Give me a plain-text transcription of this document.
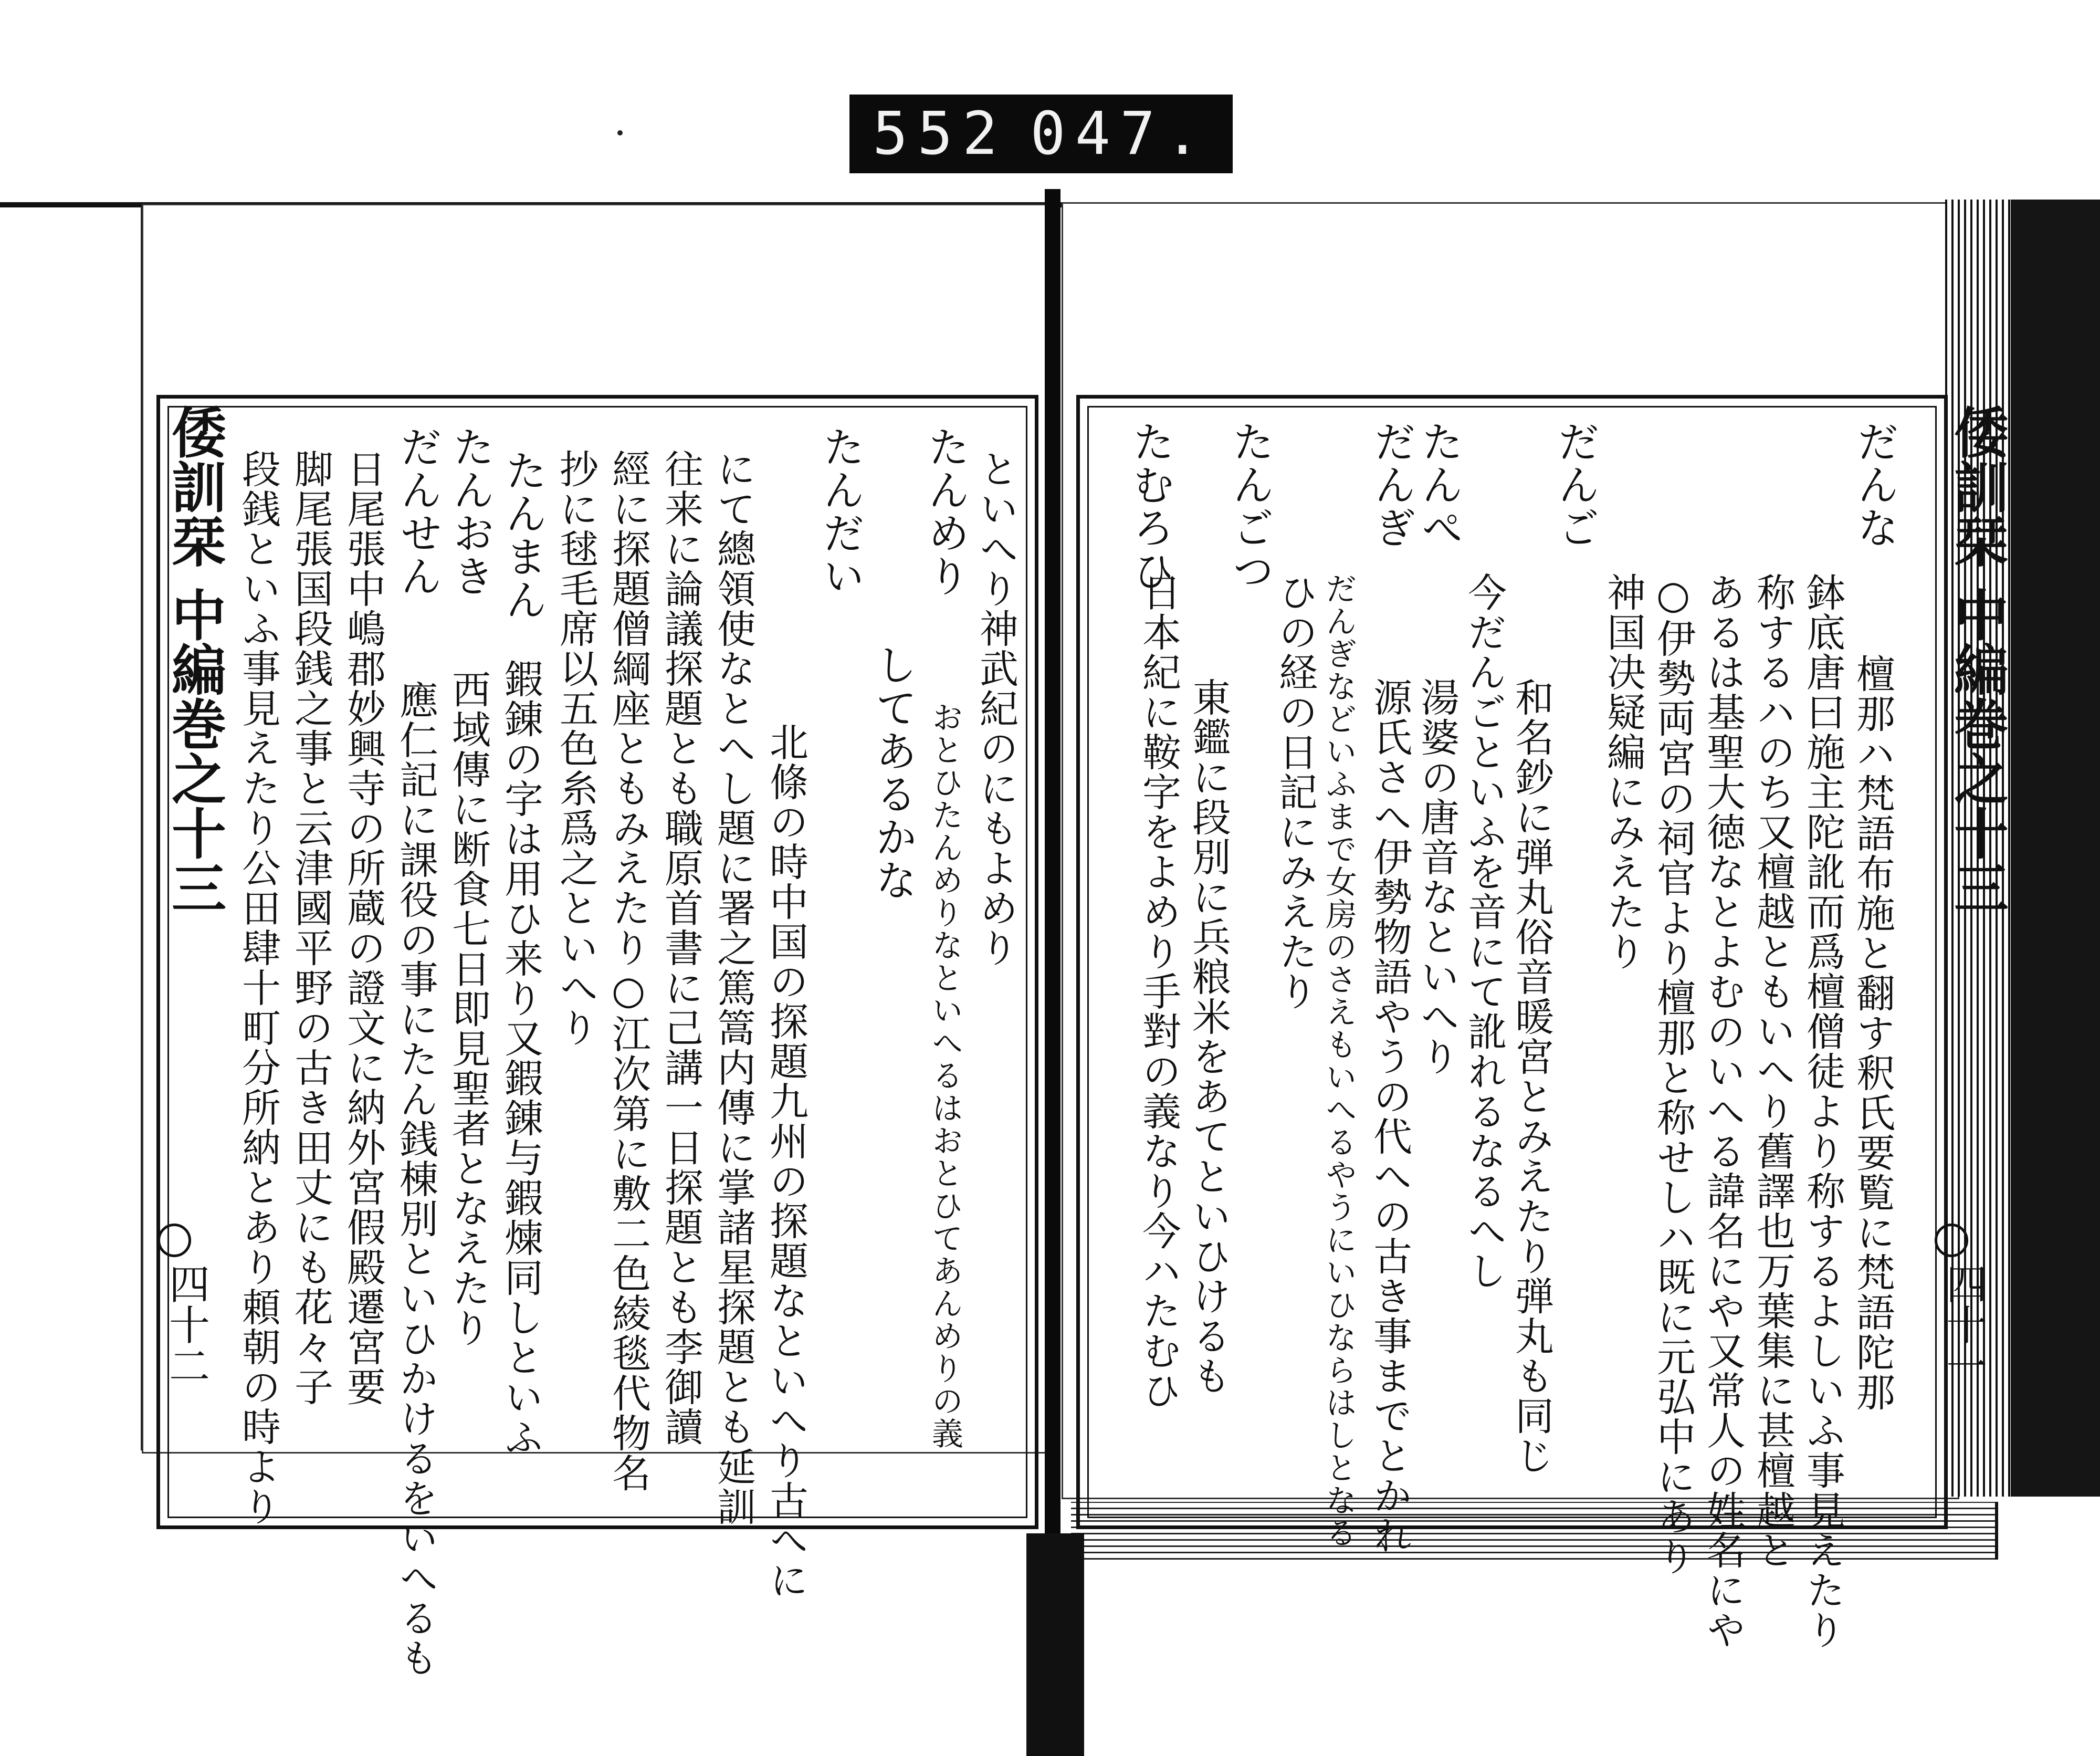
552 047.
倭訓栞 中編巻之十三
四十二 段銭といふ事見えたり公田肆十町分所納とあり頼朝の時より 脚尾張国段銭之事と云津國平野の古き田丈にも花々子 日尾張中嶋郡妙興寺の所蔵の證文に納外宮假殿遷宮要 だんせん
應仁記に課役の事にたん銭棟別といひかけるをいへるも
たんおき
西域傳に断食七日即見聖者となえたり
たんまん
鍜錬の字は用ひ来り又鍜錬与鍜煉同しといふ 抄に毬毛席以五色糸爲之といへり 經に探題僧綱座ともみえたり○江次第に敷二色綾毯代物名 往来に論議探題とも職原首書に己講一日探題とも李御讀 にて總領使なとへし題に署之篤篙内傳に掌諸星探題とも延訓 北條の時中国の探題九州の探題なといへり古へに
たんだい
してあるかな
たんめり
おとひたんめりなといへるはおとひてあんめりの義 といへり神武紀のにもよめり	倭訓栞 中編巻之十三
四十一
だんな
檀那ハ梵語布施と翻す釈氏要覧に梵語陀那
鉢底唐曰施主陀訛而爲檀僧徒より称するよしいふ事見えたり
称するハのち又檀越ともいへり舊譯也万葉集に甚檀越と
あるは基聖大徳なとよむのいへる諱名にや又常人の姓名にや
○伊勢両宮の祠官より檀那と称せしハ既に元弘中にあり
神国决疑編にみえたり
だんご
和名鈔に弾丸俗音暖宮とみえたり弾丸も同じ
今だんごといふを音にて訛れるなるへし
たんぺ
湯婆の唐音なといへり
だんぎ
源氏さへ伊勢物語やうの代への古き事までとかれ
だんぎなどいふまで女房のさえもいへるやうにいひならはしとなる
ひの経の日記にみえたり
たんごつ
東鑑に段別に兵粮米をあてといひけるも
日本紀に鞍字をよめり手對の義なり今ハたむひ
たむろひ
